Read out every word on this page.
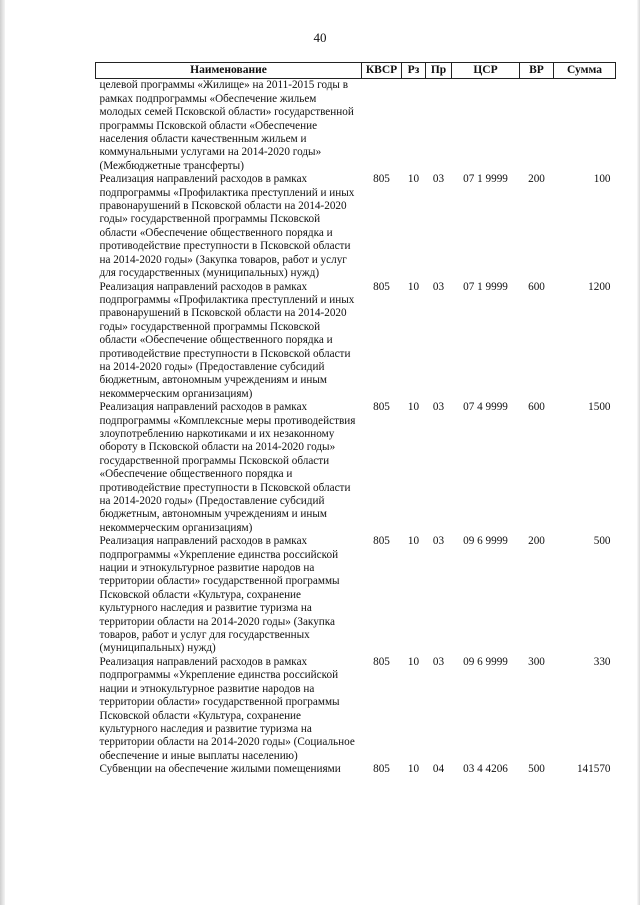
40
Наименование	КВСР	Рз	Пр	ЦСР	ВР	Сумма
целевой программы «Жилище» на 2011-2015 годы в рамках подпрограммы «Обеспечение жильем молодых семей Псковской области» государственной программы Псковской области «Обеспечение населения области качественным жильем и коммунальными услугами на 2014-2020 годы» (Межбюджетные трансферты)						
Реализация направлений расходов в рамках подпрограммы «Профилактика преступлений и иных правонарушений в Псковской области на 2014-2020 годы» государственной программы Псковской области «Обеспечение общественного порядка и противодействие преступности в Псковской области на 2014-2020 годы» (Закупка товаров, работ и услуг для государственных (муниципальных) нужд)	805	10	03	07 1 9999	200	100
Реализация направлений расходов в рамках подпрограммы «Профилактика преступлений и иных правонарушений в Псковской области на 2014-2020 годы» государственной программы Псковской области «Обеспечение общественного порядка и противодействие преступности в Псковской области на 2014-2020 годы» (Предоставление субсидий бюджетным, автономным учреждениям и иным некоммерческим организациям)	805	10	03	07 1 9999	600	1200
Реализация направлений расходов в рамках подпрограммы «Комплексные меры противодействия злоупотреблению наркотиками и их незаконному обороту в Псковской области на 2014-2020 годы» государственной программы Псковской области «Обеспечение общественного порядка и противодействие преступности в Псковской области на 2014-2020 годы» (Предоставление субсидий бюджетным, автономным учреждениям и иным некоммерческим организациям)	805	10	03	07 4 9999	600	1500
Реализация направлений расходов в рамках подпрограммы «Укрепление единства российской нации и этнокультурное развитие народов на территории области» государственной программы Псковской области «Культура, сохранение культурного наследия и развитие туризма на территории области на 2014-2020 годы» (Закупка товаров, работ и услуг для государственных (муниципальных) нужд)	805	10	03	09 6 9999	200	500
Реализация направлений расходов в рамках подпрограммы «Укрепление единства российской нации и этнокультурное развитие народов на территории области» государственной программы Псковской области «Культура, сохранение культурного наследия и развитие туризма на территории области на 2014-2020 годы» (Социальное обеспечение и иные выплаты населению)	805	10	03	09 6 9999	300	330
Субвенции на обеспечение жилыми помещениями	805	10	04	03 4 4206	500	141570
